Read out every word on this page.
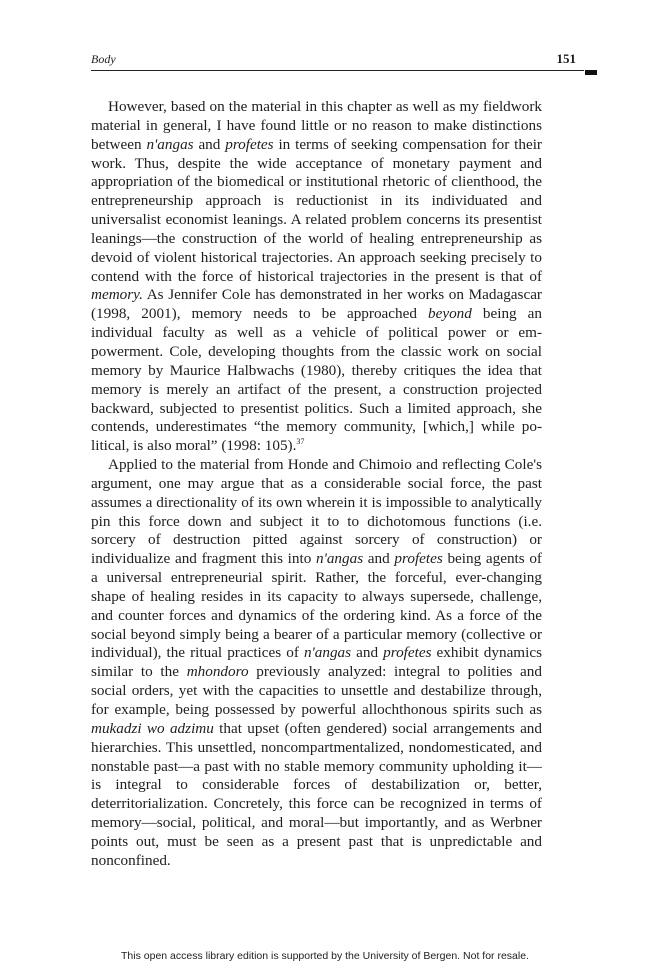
Body	151

However, based on the material in this chapter as well as my fieldwork material in general, I have found little or no reason to make distinctions between n'angas and profetes in terms of seeking compensation for their work. Thus, despite the wide acceptance of monetary payment and appropriation of the biomedical or institutional rhetoric of clienthood, the entrepreneurship approach is reductionist in its individuated and universalist economist leanings. A related problem concerns its presentist leanings—the construction of the world of healing entrepreneurship as devoid of violent historical trajectories. An approach seeking precisely to contend with the force of historical trajectories in the present is that of memory. As Jennifer Cole has demonstrated in her works on Madagascar (1998, 2001), memory needs to be approached beyond being an individual faculty as well as a vehicle of political power or empowerment. Cole, developing thoughts from the classic work on social memory by Maurice Halbwachs (1980), thereby critiques the idea that memory is merely an artifact of the present, a construction projected backward, subjected to presentist politics. Such a limited approach, she contends, underestimates “the memory community, [which,] while political, is also moral” (1998: 105).$^{37}$

Applied to the material from Honde and Chimoio and reflecting Cole's argument, one may argue that as a considerable social force, the past assumes a directionality of its own wherein it is impossible to analytically pin this force down and subject it to to dichotomous functions (i.e. sorcery of destruction pitted against sorcery of construction) or individualize and fragment this into n'angas and profetes being agents of a universal entrepreneurial spirit. Rather, the forceful, ever-changing shape of healing resides in its capacity to always supersede, challenge, and counter forces and dynamics of the ordering kind. As a force of the social beyond simply being a bearer of a particular memory (collective or individual), the ritual practices of n'angas and profetes exhibit dynamics similar to the mhondoro previously analyzed: integral to polities and social orders, yet with the capacities to unsettle and destabilize through, for example, being possessed by powerful allochthonous spirits such as mukadzi wo adzimu that upset (often gendered) social arrangements and hierarchies. This unsettled, noncompartmentalized, nondomesticated, and nonstable past—a past with no stable memory community upholding it—is integral to considerable forces of destabilization or, better, deterritorialization. Concretely, this force can be recognized in terms of memory—social, political, and moral—but importantly, and as Werbner points out, must be seen as a present past that is unpredictable and nonconfined.

This open access library edition is supported by the University of Bergen. Not for resale.
